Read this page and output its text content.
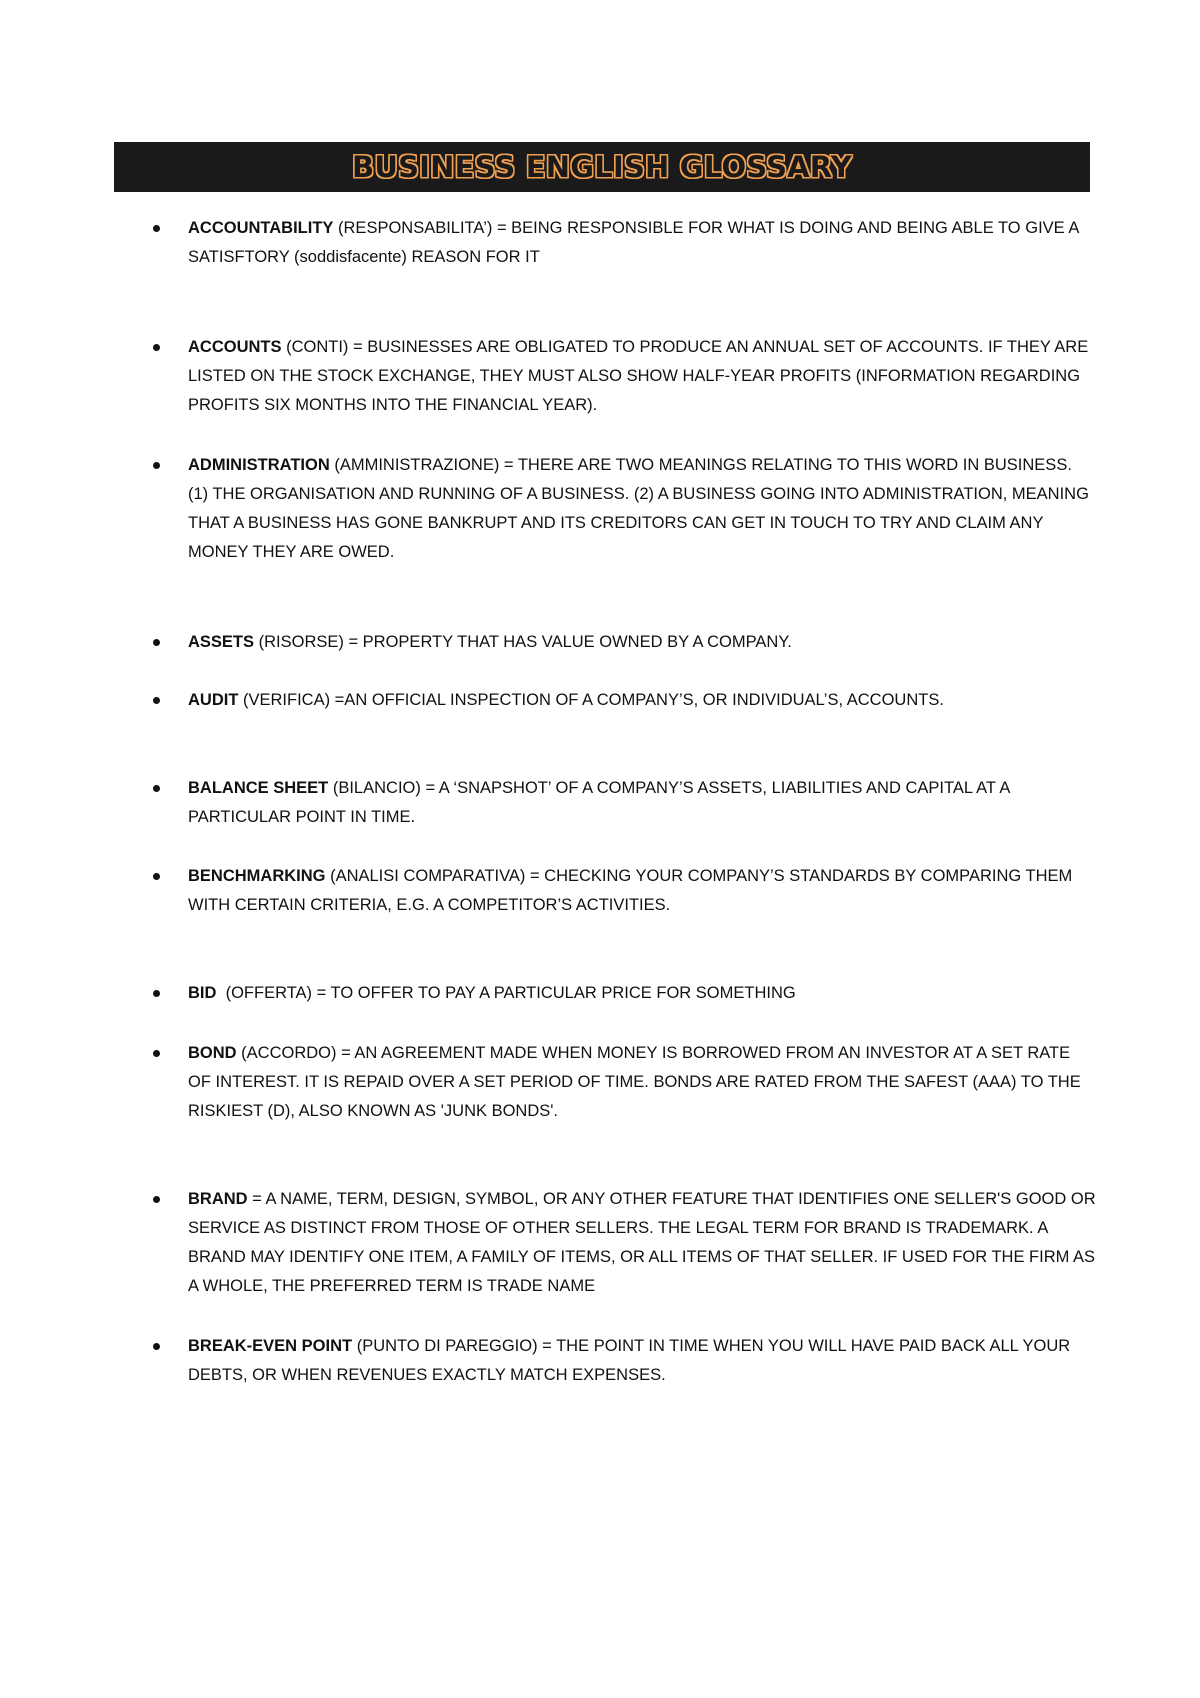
BUSINESS ENGLISH GLOSSARY
ACCOUNTABILITY (RESPONSABILITA’) = BEING RESPONSIBLE FOR WHAT IS DOING AND BEING ABLE TO GIVE A SATISFTORY (soddisfacente) REASON FOR IT
ACCOUNTS (CONTI) = BUSINESSES ARE OBLIGATED TO PRODUCE AN ANNUAL SET OF ACCOUNTS. IF THEY ARE LISTED ON THE STOCK EXCHANGE, THEY MUST ALSO SHOW HALF-YEAR PROFITS (INFORMATION REGARDING PROFITS SIX MONTHS INTO THE FINANCIAL YEAR).
ADMINISTRATION (AMMINISTRAZIONE) = THERE ARE TWO MEANINGS RELATING TO THIS WORD IN BUSINESS. (1) THE ORGANISATION AND RUNNING OF A BUSINESS. (2) A BUSINESS GOING INTO ADMINISTRATION, MEANING THAT A BUSINESS HAS GONE BANKRUPT AND ITS CREDITORS CAN GET IN TOUCH TO TRY AND CLAIM ANY MONEY THEY ARE OWED.
ASSETS (RISORSE) = PROPERTY THAT HAS VALUE OWNED BY A COMPANY.
AUDIT (VERIFICA) =AN OFFICIAL INSPECTION OF A COMPANY’S, OR INDIVIDUAL’S, ACCOUNTS.
BALANCE SHEET (BILANCIO) = A ‘SNAPSHOT’ OF A COMPANY’S ASSETS, LIABILITIES AND CAPITAL AT A PARTICULAR POINT IN TIME.
BENCHMARKING (ANALISI COMPARATIVA) = CHECKING YOUR COMPANY’S STANDARDS BY COMPARING THEM WITH CERTAIN CRITERIA, E.G. A COMPETITOR’S ACTIVITIES.
BID  (OFFERTA) = TO OFFER TO PAY A PARTICULAR PRICE FOR SOMETHING
BOND (ACCORDO) = AN AGREEMENT MADE WHEN MONEY IS BORROWED FROM AN INVESTOR AT A SET RATE OF INTEREST. IT IS REPAID OVER A SET PERIOD OF TIME. BONDS ARE RATED FROM THE SAFEST (AAA) TO THE RISKIEST (D), ALSO KNOWN AS 'JUNK BONDS'.
BRAND = A NAME, TERM, DESIGN, SYMBOL, OR ANY OTHER FEATURE THAT IDENTIFIES ONE SELLER'S GOOD OR SERVICE AS DISTINCT FROM THOSE OF OTHER SELLERS. THE LEGAL TERM FOR BRAND IS TRADEMARK. A BRAND MAY IDENTIFY ONE ITEM, A FAMILY OF ITEMS, OR ALL ITEMS OF THAT SELLER. IF USED FOR THE FIRM AS A WHOLE, THE PREFERRED TERM IS TRADE NAME
BREAK-EVEN POINT (PUNTO DI PAREGGIO) = THE POINT IN TIME WHEN YOU WILL HAVE PAID BACK ALL YOUR DEBTS, OR WHEN REVENUES EXACTLY MATCH EXPENSES.
